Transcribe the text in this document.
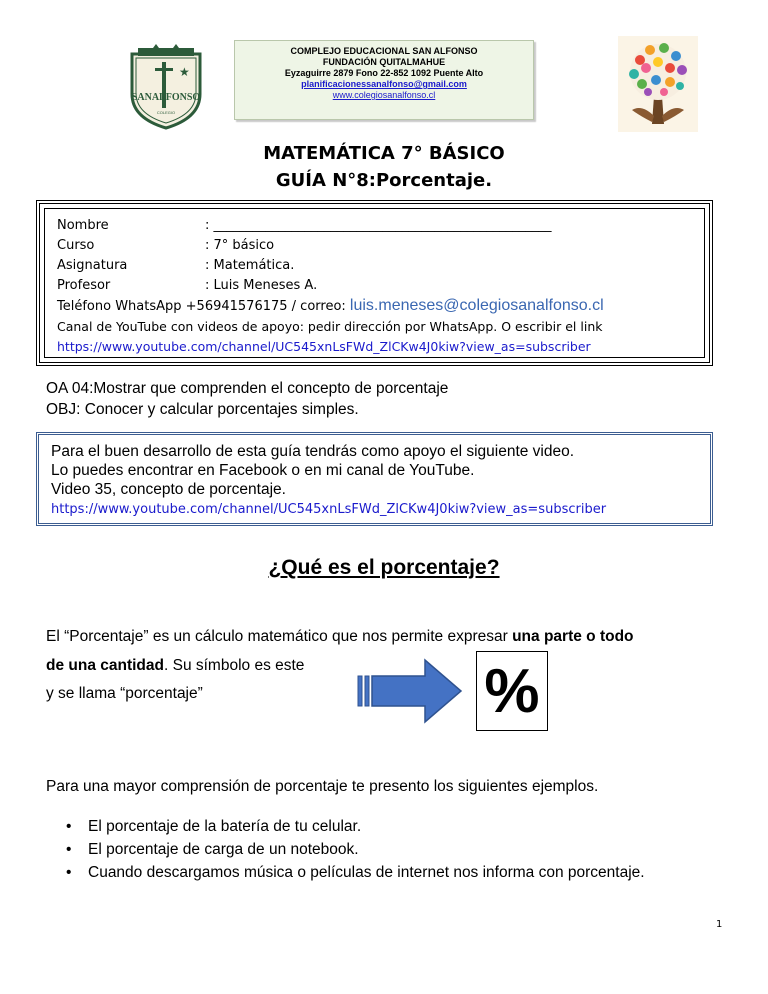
★
SANALFONSO
COLEGIO
COMPLEJO EDUCACIONAL SAN ALFONSO
FUNDACIÓN QUITALMAHUE
Eyzaguirre 2879 Fono 22-852 1092 Puente Alto
planificacionessanalfonso@gmail.com
www.colegiosanalfonso.cl
MATEMÁTICA 7° BÁSICO
GUÍA N°8:Porcentaje.
Nombre	: ____________________________________________________
Curso	: 7° básico
Asignatura	: Matemática.
Profesor	: Luis Meneses A.
Teléfono WhatsApp +56941576175 / correo: luis.meneses@colegiosanalfonso.cl
Canal de YouTube con videos de apoyo: pedir dirección por WhatsApp. O escribir el link
https://www.youtube.com/channel/UC545xnLsFWd_ZlCKw4J0kiw?view_as=subscriber
OA 04:Mostrar que comprenden el concepto de porcentaje
OBJ: Conocer y calcular porcentajes simples.
Para el buen desarrollo de esta guía tendrás como apoyo el siguiente video.
Lo puedes encontrar en Facebook o en mi canal de YouTube.
Video 35, concepto de porcentaje.
https://www.youtube.com/channel/UC545xnLsFWd_ZlCKw4J0kiw?view_as=subscriber
¿Qué es el porcentaje?
El “Porcentaje” es un cálculo matemático que nos permite expresar una parte o todo
de una cantidad. Su símbolo es este
y se llama “porcentaje”	%
Para una mayor comprensión de porcentaje te presento los siguientes ejemplos.
• El porcentaje de la batería de tu celular.
• El porcentaje de carga de un notebook.
• Cuando descargamos música o películas de internet nos informa con porcentaje.
1
